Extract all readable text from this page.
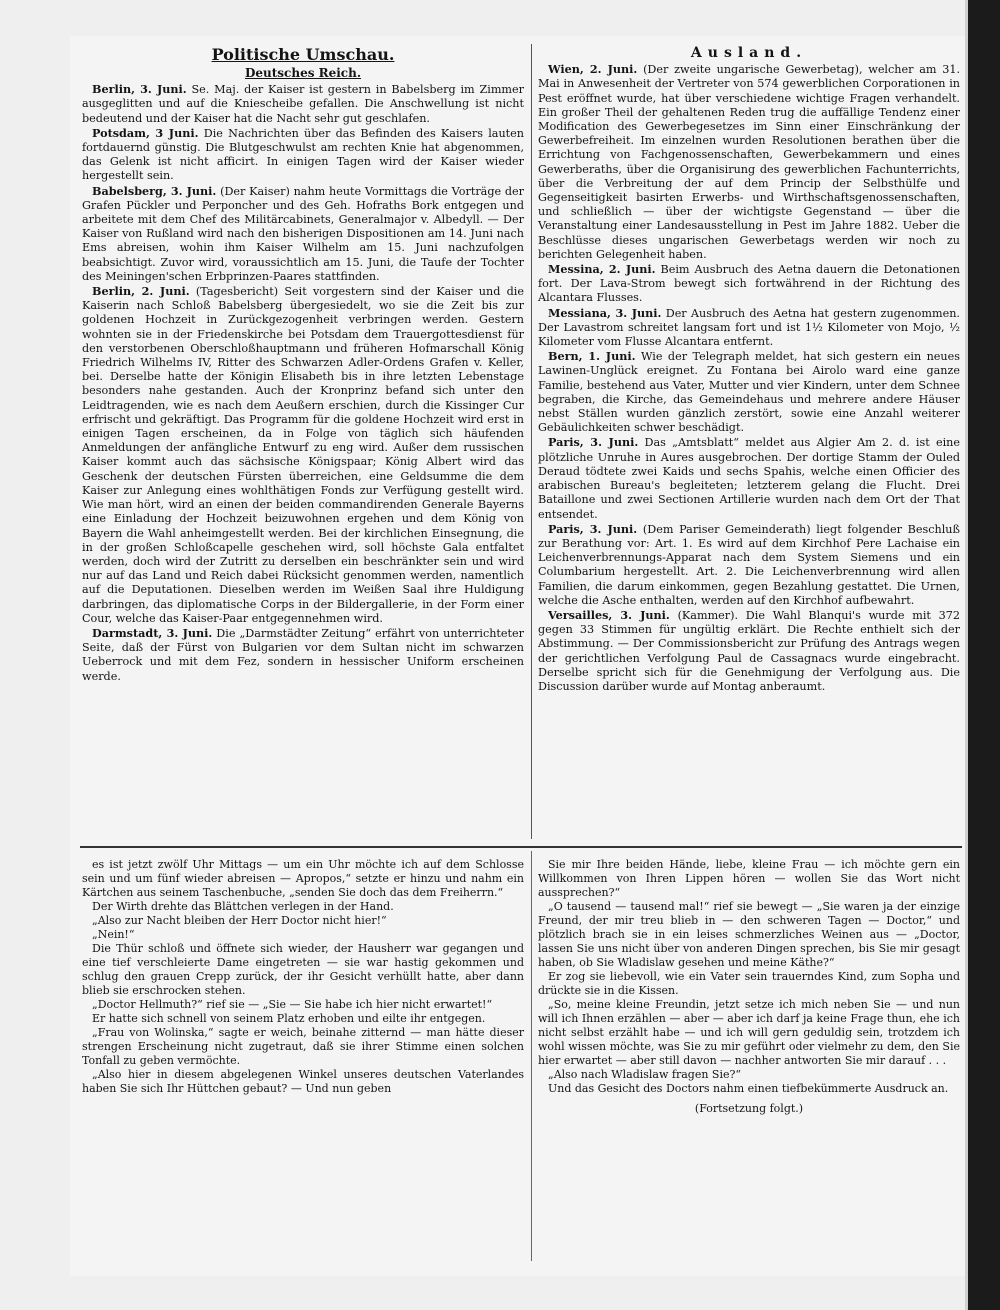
Politische Umschau.
Deutsches Reich.

Berlin, 3. Juni. Se. Maj. der Kaiser ist gestern in Babelsberg im Zimmer ausgeglitten und auf die Kniescheibe gefallen. Die Anschwellung ist nicht bedeutend und der Kaiser hat die Nacht sehr gut geschlafen.

Potsdam, 3 Juni. Die Nachrichten über das Befinden des Kaisers lauten fortdauernd günstig. Die Blutgeschwulst am rechten Knie hat abgenommen, das Gelenk ist nicht afficirt. In einigen Tagen wird der Kaiser wieder hergestellt sein.

Babelsberg, 3. Juni. (Der Kaiser) nahm heute Vormittags die Vorträge der Grafen Pückler und Perponcher und des Geh. Hofraths Bork entgegen und arbeitete mit dem Chef des Militärcabinets, Generalmajor v. Albedyll. — Der Kaiser von Rußland wird nach den bisherigen Dispositionen am 14. Juni nach Ems abreisen, wohin ihm Kaiser Wilhelm am 15. Juni nachzufolgen beabsichtigt. Zuvor wird, voraussichtlich am 15. Juni, die Taufe der Tochter des Meiningen'schen Erbprinzen-Paares stattfinden.

Berlin, 2. Juni. (Tagesbericht) Seit vorgestern sind der Kaiser und die Kaiserin nach Schloß Babelsberg übergesiedelt, wo sie die Zeit bis zur goldenen Hochzeit in Zurückgezogenheit verbringen werden. Gestern wohnten sie in der Friedenskirche bei Potsdam dem Trauergottesdienst für den verstorbenen Oberschloßhauptmann und früheren Hofmarschall König Friedrich Wilhelms IV, Ritter des Schwarzen Adler-Ordens Grafen v. Keller, bei. Derselbe hatte der Königin Elisabeth bis in ihre letzten Lebenstage besonders nahe gestanden. Auch der Kronprinz befand sich unter den Leidtragenden, wie es nach dem Aeußern erschien, durch die Kissinger Cur erfrischt und gekräftigt. Das Programm für die goldene Hochzeit wird erst in einigen Tagen erscheinen, da in Folge von täglich sich häufenden Anmeldungen der anfängliche Entwurf zu eng wird. Außer dem russischen Kaiser kommt auch das sächsische Königspaar; König Albert wird das Geschenk der deutschen Fürsten überreichen, eine Geldsumme die dem Kaiser zur Anlegung eines wohlthätigen Fonds zur Verfügung gestellt wird. Wie man hört, wird an einen der beiden commandirenden Generale Bayerns eine Einladung der Hochzeit beizuwohnen ergehen und dem König von Bayern die Wahl anheimgestellt werden. Bei der kirchlichen Einsegnung, die in der großen Schloßcapelle geschehen wird, soll höchste Gala entfaltet werden, doch wird der Zutritt zu derselben ein beschränkter sein und wird nur auf das Land und Reich dabei Rücksicht genommen werden, namentlich auf die Deputationen. Dieselben werden im Weißen Saal ihre Huldigung darbringen, das diplomatische Corps in der Bildergallerie, in der Form einer Cour, welche das Kaiser-Paar entgegennehmen wird.

Darmstadt, 3. Juni. Die „Darmstädter Zeitung“ erfährt von unterrichteter Seite, daß der Fürst von Bulgarien vor dem Sultan nicht im schwarzen Ueberrock und mit dem Fez, sondern in hessischer Uniform erscheinen werde.

Ausland.

Wien, 2. Juni. (Der zweite ungarische Gewerbetag), welcher am 31. Mai in Anwesenheit der Vertreter von 574 gewerblichen Corporationen in Pest eröffnet wurde, hat über verschiedene wichtige Fragen verhandelt. Ein großer Theil der gehaltenen Reden trug die auffällige Tendenz einer Modification des Gewerbegesetzes im Sinn einer Einschränkung der Gewerbefreiheit. Im einzelnen wurden Resolutionen berathen über die Errichtung von Fachgenossenschaften, Gewerbekammern und eines Gewerberaths, über die Organisirung des gewerblichen Fachunterrichts, über die Verbreitung der auf dem Princip der Selbsthülfe und Gegenseitigkeit basirten Erwerbs- und Wirthschaftsgenossenschaften, und schließlich — über der wichtigste Gegenstand — über die Veranstaltung einer Landesausstellung in Pest im Jahre 1882. Ueber die Beschlüsse dieses ungarischen Gewerbetags werden wir noch zu berichten Gelegenheit haben.

Messina, 2. Juni. Beim Ausbruch des Aetna dauern die Detonationen fort. Der Lava-Strom bewegt sich fortwährend in der Richtung des Alcantara Flusses.

Messiana, 3. Juni. Der Ausbruch des Aetna hat gestern zugenommen. Der Lavastrom schreitet langsam fort und ist 1½ Kilometer von Mojo, ½ Kilometer vom Flusse Alcantara entfernt.

Bern, 1. Juni. Wie der Telegraph meldet, hat sich gestern ein neues Lawinen-Unglück ereignet. Zu Fontana bei Airolo ward eine ganze Familie, bestehend aus Vater, Mutter und vier Kindern, unter dem Schnee begraben, die Kirche, das Gemeindehaus und mehrere andere Häuser nebst Ställen wurden gänzlich zerstört, sowie eine Anzahl weiterer Gebäulichkeiten schwer beschädigt.

Paris, 3. Juni. Das „Amtsblatt“ meldet aus Algier Am 2. d. ist eine plötzliche Unruhe in Aures ausgebrochen. Der dortige Stamm der Ouled Deraud tödtete zwei Kaids und sechs Spahis, welche einen Officier des arabischen Bureau's begleiteten; letzterem gelang die Flucht. Drei Bataillone und zwei Sectionen Artillerie wurden nach dem Ort der That entsendet.

Paris, 3. Juni. (Dem Pariser Gemeinderath) liegt folgender Beschluß zur Berathung vor: Art. 1. Es wird auf dem Kirchhof Pere Lachaise ein Leichenverbrennungs-Apparat nach dem System Siemens und ein Columbarium hergestellt. Art. 2. Die Leichenverbrennung wird allen Familien, die darum einkommen, gegen Bezahlung gestattet. Die Urnen, welche die Asche enthalten, werden auf den Kirchhof aufbewahrt.

Versailles, 3. Juni. (Kammer). Die Wahl Blanqui's wurde mit 372 gegen 33 Stimmen für ungültig erklärt. Die Rechte enthielt sich der Abstimmung. — Der Commissionsbericht zur Prüfung des Antrags wegen der gerichtlichen Verfolgung Paul de Cassagnacs wurde eingebracht. Derselbe spricht sich für die Genehmigung der Verfolgung aus. Die Discussion darüber wurde auf Montag anberaumt.

es ist jetzt zwölf Uhr Mittags — um ein Uhr möchte ich auf dem Schlosse sein und um fünf wieder abreisen — Apropos,“ setzte er hinzu und nahm ein Kärtchen aus seinem Taschenbuche, „senden Sie doch das dem Freiherrn.“

Der Wirth drehte das Blättchen verlegen in der Hand.

„Also zur Nacht bleiben der Herr Doctor nicht hier!“

„Nein!“

Die Thür schloß und öffnete sich wieder, der Hausherr war gegangen und eine tief verschleierte Dame eingetreten — sie war hastig gekommen und schlug den grauen Crepp zurück, der ihr Gesicht verhüllt hatte, aber dann blieb sie erschrocken stehen.

„Doctor Hellmuth?“ rief sie — „Sie — Sie habe ich hier nicht erwartet!“

Er hatte sich schnell von seinem Platz erhoben und eilte ihr entgegen.

„Frau von Wolinska,“ sagte er weich, beinahe zitternd — man hätte dieser strengen Erscheinung nicht zugetraut, daß sie ihrer Stimme einen solchen Tonfall zu geben vermöchte.

„Also hier in diesem abgelegenen Winkel unseres deutschen Vaterlandes haben Sie sich Ihr Hüttchen gebaut? — Und nun geben

Sie mir Ihre beiden Hände, liebe, kleine Frau — ich möchte gern ein Willkommen von Ihren Lippen hören — wollen Sie das Wort nicht aussprechen?“

„O tausend — tausend mal!“ rief sie bewegt — „Sie waren ja der einzige Freund, der mir treu blieb in — den schweren Tagen — Doctor,“ und plötzlich brach sie in ein leises schmerzliches Weinen aus — „Doctor, lassen Sie uns nicht über von anderen Dingen sprechen, bis Sie mir gesagt haben, ob Sie Wladislaw gesehen und meine Käthe?“

Er zog sie liebevoll, wie ein Vater sein trauerndes Kind, zum Sopha und drückte sie in die Kissen.

„So, meine kleine Freundin, jetzt setze ich mich neben Sie — und nun will ich Ihnen erzählen — aber — aber ich darf ja keine Frage thun, ehe ich nicht selbst erzählt habe — und ich will gern geduldig sein, trotzdem ich wohl wissen möchte, was Sie zu mir geführt oder vielmehr zu dem, den Sie hier erwartet — aber still davon — nachher antworten Sie mir darauf . . .

„Also nach Wladislaw fragen Sie?“

Und das Gesicht des Doctors nahm einen tiefbekümmerte Ausdruck an.

(Fortsetzung folgt.)
